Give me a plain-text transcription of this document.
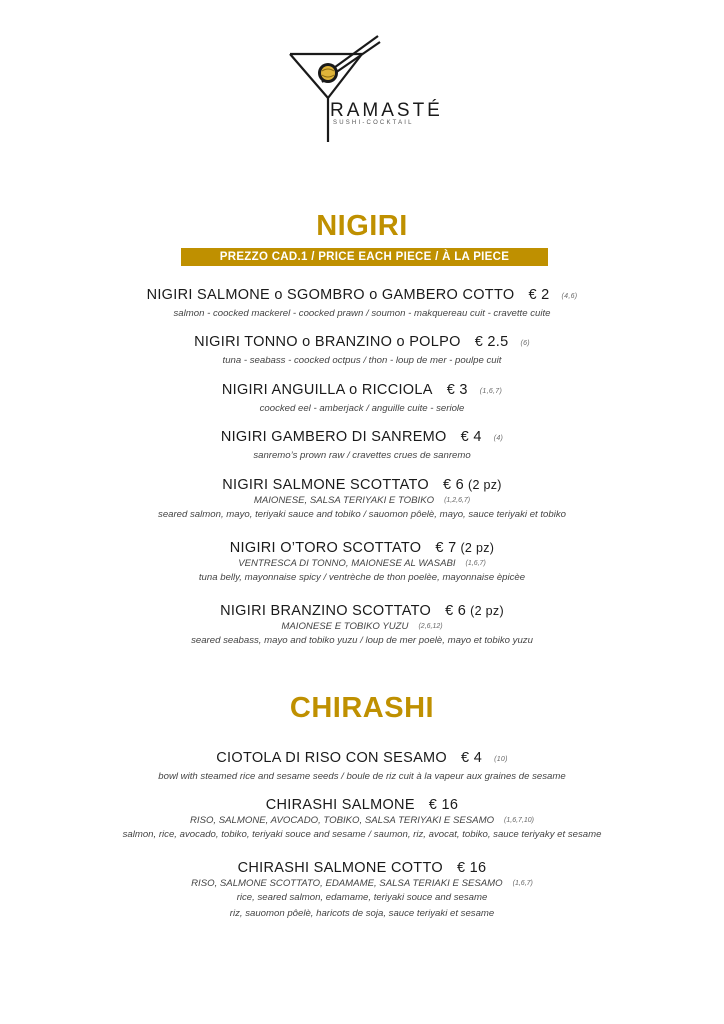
RAMASTÉ
SUSHI-COCKTAIL
NIGIRI
PREZZO CAD.1 / PRICE EACH PIECE / À LA PIECE
NIGIRI SALMONE o SGOMBRO o GAMBERO COTTO € 2 (4,6)
salmon - coocked mackerel - coocked prawn / soumon - makquereau cuit - cravette cuite
NIGIRI TONNO o BRANZINO o POLPO € 2.5 (6)
tuna - seabass - coocked octpus / thon - loup de mer - poulpe cuit
NIGIRI ANGUILLA o RICCIOLA € 3 (1,6,7)
coocked eel - amberjack / anguille cuite - seriole
NIGIRI GAMBERO DI SANREMO € 4 (4)
sanremo’s prown raw / cravettes crues de sanremo
NIGIRI SALMONE SCOTTATO € 6 (2 pz)
MAIONESE, SALSA TERIYAKI E TOBIKO (1,2,6,7)
seared salmon, mayo, teriyaki sauce and tobiko / sauomon pôelè, mayo, sauce teriyaki et tobiko
NIGIRI O’TORO SCOTTATO € 7 (2 pz)
VENTRESCA DI TONNO, MAIONESE AL WASABI (1,6,7)
tuna belly, mayonnaise spicy / ventrèche de thon poelèe, mayonnaise èpicèe
NIGIRI BRANZINO SCOTTATO € 6 (2 pz)
MAIONESE E TOBIKO YUZU (2,6,12)
seared seabass, mayo and tobiko yuzu / loup de mer poelè, mayo et tobiko yuzu
CHIRASHI
CIOTOLA DI RISO CON SESAMO € 4 (10)
bowl with steamed rice and sesame seeds / boule de riz cuit à la vapeur aux graines de sesame
CHIRASHI SALMONE € 16
RISO, SALMONE, AVOCADO, TOBIKO, SALSA TERIYAKI E SESAMO (1,6,7,10)
salmon, rice, avocado, tobiko, teriyaki souce and sesame / saumon, riz, avocat, tobiko, sauce teriyaky et sesame
CHIRASHI SALMONE COTTO € 16
RISO, SALMONE SCOTTATO, EDAMAME, SALSA TERIAKI E SESAMO (1,6,7)
rice, seared salmon, edamame, teriyaki souce and sesame
riz, sauomon pôelè, haricots de soja, sauce teriyaki et sesame
